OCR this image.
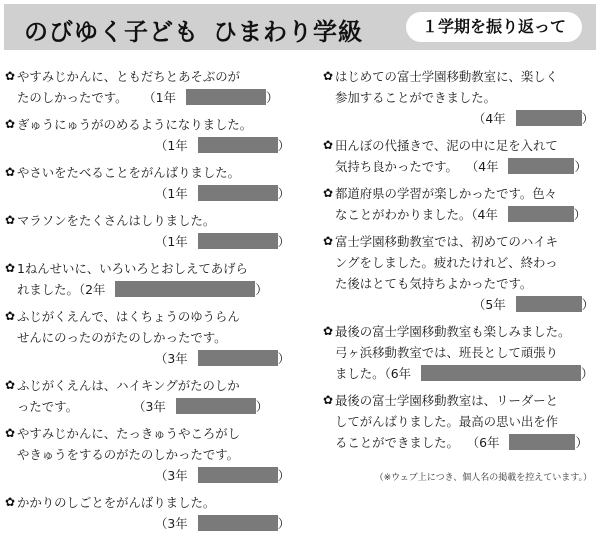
のびゆく子ども ひまわり学級	１学期を振り返って
✿ やすみじかんに、ともだちとあそぶのが
たのしかったです。 （1年	）
✿ ぎゅうにゅうがのめるようになりました。
（1年	）
✿ やさいをたべることをがんばりました。
（1年	）
✿ マラソンをたくさんはしりました。
（1年	）
✿ 1ねんせいに、いろいろとおしえてあげら
れました。（2年	）
✿ ふじがくえんで、はくちょうのゆうらん
せんにのったのがたのしかったです。
（3年	）
✿ ふじがくえんは、ハイキングがたのしか
ったです。	（3年	）
✿ やすみじかんに、たっきゅうやころがし
やきゅうをするのがたのしかったです。
（3年	）
✿ かかりのしごとをがんばりました。
（3年	）
✿ はじめての富士学園移動教室に、楽しく
参加することができました。
（4年	）
✿ 田んぼの代掻きで、泥の中に足を入れて
気持ち良かったです。 （4年	）
✿ 都道府県の学習が楽しかったです。色々
なことがわかりました。（4年	）
✿ 富士学園移動教室では、初めてのハイキ
ングをしました。疲れたけれど、終わっ
た後はとても気持ちよかったです。
（5年	）
✿ 最後の富士学園移動教室も楽しみました。
弓ヶ浜移動教室では、班長として頑張り
ました。（6年	）
✿ 最後の富士学園移動教室は、リーダーと
してがんばりました。最高の思い出を作
ることができました。 （6年	）
（※ウェブ上につき、個人名の掲載を控えています。）
